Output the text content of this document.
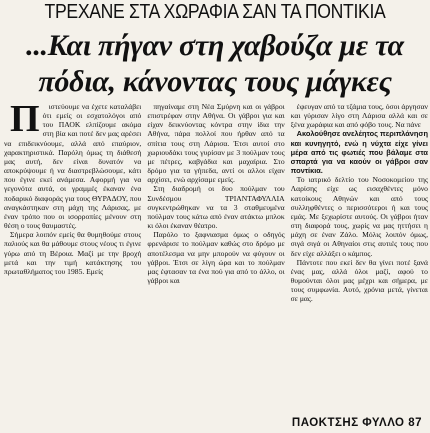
ΤΡΕΧΑΝΕ ΣΤΑ ΧΩΡΑΦΙΑ ΣΑΝ ΤΑ ΠΟΝΤΙΚΙΑ
...Και πήγαν στη χαβούζα με τα
πόδια, κάνοντας τους μάγκες

Π ιστεύουμε να έχετε καταλάβει ότι εμείς οι εσχατολόγοι από του ΠΑΟΚ ελπίζουμε ακόμα στη βία και ποτέ δεν μας αρέσει να επιδεικνύουμε, αλλά από επαύριον, χαρακτηριστικά. Παρόλη όμως τη διάθεσή μας αυτή, δεν είναι δυνατόν να αποκρύψουμε ή να διαστρεβλώσουμε, κάτι που έγινε εκεί ανάμεσα. Αφορμή για να γεγονότα αυτά, οι γραμμές έκαναν ένα ποδαρικό διαφοράς για τους ΘΥΡΑΔΟΥ, που αναγκάστηκαν στη μάχη της Λάρισας, με έναν τρόπο που οι ισορροπίες μένουν στη θέση ο τους θαυμαστές.

Σήμερα λοιπόν εμείς θα θυμηθούμε στους παλιούς και θα μάθουμε στους νέους τι έγινε γύρω από τη Βέροια. Μαζί με την βροχή μετά και την τιμή κατάκτησης του πρωταθλήματος του 1985. Εμείς

πηγαίναμε στη Νέα Σμύρνη και οι γάβροι επιστρέφαν στην Αθήνα. Οι γάβροι για και είχαν δεικνύοντας κόντρα στην ίδια την Αθήνα, πάρα πολλοί που ήρθαν από τα σπίτια τους στη Λάρισα. Έτσι αυτοί στο χωριουδάκι τους γυρίσαν με 3 πούλμαν τους με πέτρες, καβγάδια και μαχαίρια. Στο δρόμο για τα γήπεδα, αντί οι αλλοι είχαν αρχίσει, ενώ αρχίσαμε εμείς.

Στη διαδρομή οι δυο πούλμαν του Συνδέσμου ΤΡΙΑΝΤΑΦΥΛΛΙΑ συγκεντρώθηκαν να τα 3 σταθμευμένα πούλμαν τους κάτω από έναν ατάκτω μπλοκ κι όλοι έκαναν θέατρο.

Παρόλο το ξαφνιασμα όμως ο οδηγός φρενάρισε το πούλμαν καθώς στο δρόμο με αποτέλεσμα να μην μπορούν να φύγουν οι γάβροι. Έτσι σε λίγη ώρα και το πούλμαν μας έφτασαν τα ένα πού για από το άλλο, οι γάβροι και

έφευγαν από τα τζάμια τους, όσοι άργησαν και γύρισαν λίγο στη Λάρισα αλλά και σε ξένα χωράφια και από φόβο τους. Να πάνε

Ακολούθησε ανελέητος περιπλάνηση και κυνηγητό, ενώ η νύχτα είχε γίνει μέρα από τις φωτιές που βάλαμε στα σπαρτά για να καούν οι γάβροι σαν ποντίκια.

Το ιατρικό δελτίο του Νοσοκομείου της Λαρίσης είχε ως εισαχθέντες μόνο κατοίκους Αθηνών και από τους συλληφθέντες ο περισσότεροι ή και τους εμάς. Με ξεχωρίστε αυτούς. Οι γάβροι ήταν στη διαφορά τους, χωρίς να μας ηττήσει η μάχη σε έναν Ζάλο. Μόλις λοιπόν όμως, σιγά σιγά οι Αθηναίοι στις αυτιές τους που δεν είχε αλλάξει ο κάμπος.

Πάντοτε που εκεί δεν θα γίνει ποτέ ξανά ένας μας, αλλά όλοι μαζί, αφού το θυμούνται όλοι μας μέχρι και σήμερα, με τους συμφωνία. Αυτό, χρόνια μετά, γίνεται σε μας.

ΠΑΟΚΤΣΗΣ ΦΥΛΛΟ 87
